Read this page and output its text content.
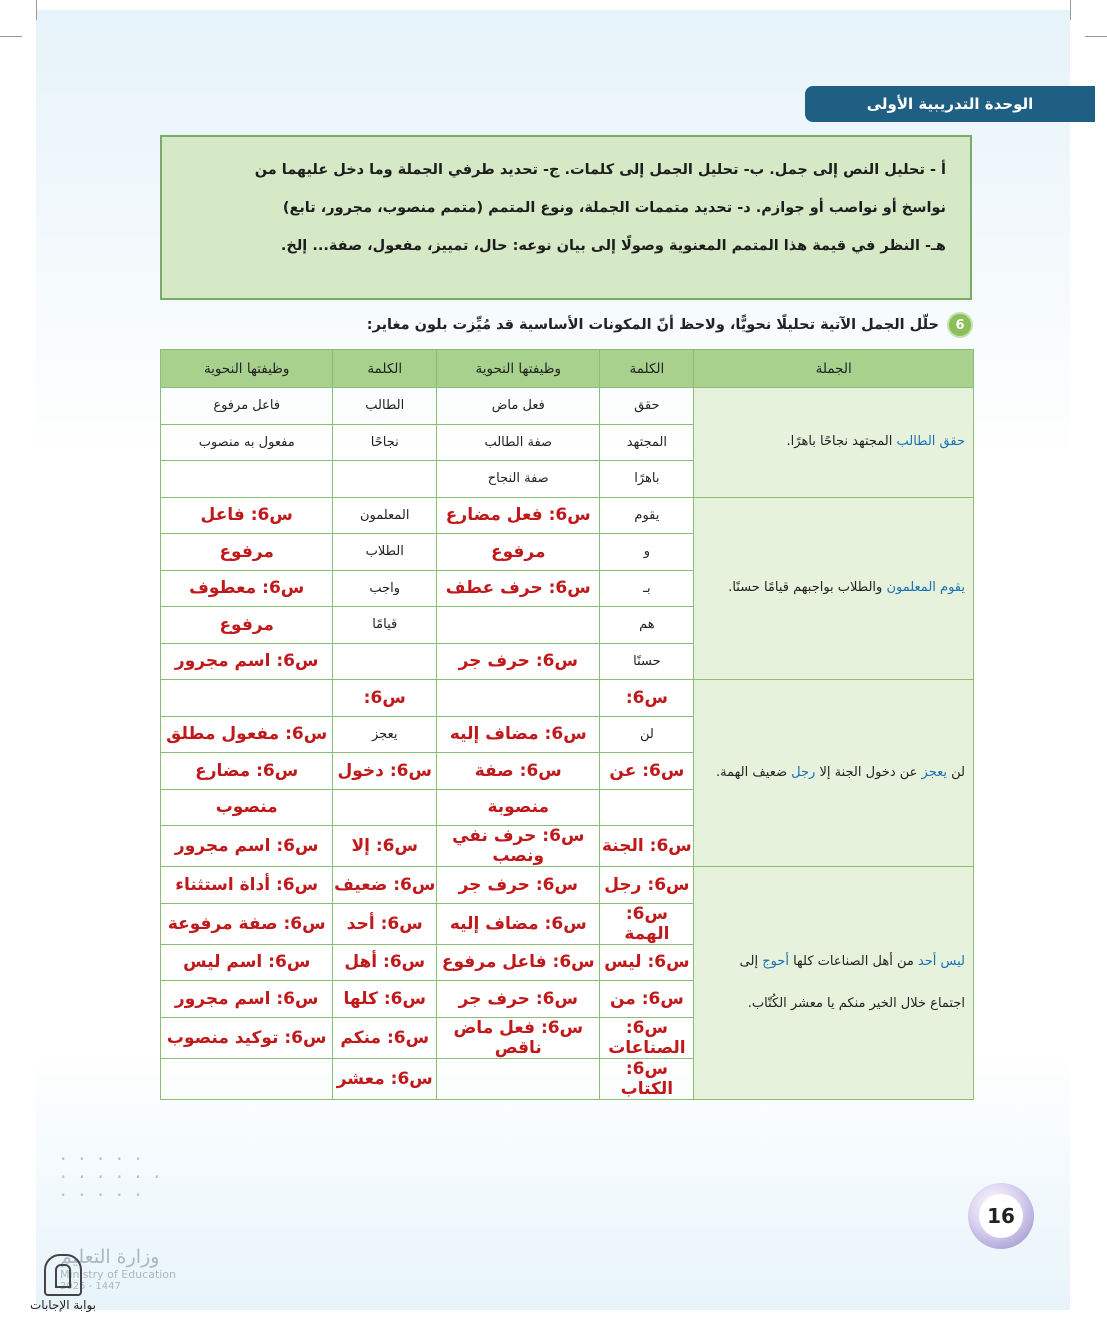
الوحدة التدريبية الأولى

أ - تحليل النص إلى جمل. ب- تحليل الجمل إلى كلمات. ج- تحديد طرفي الجملة وما دخل عليهما من

نواسخ أو نواصب أو جوازم. د- تحديد متممات الجملة، ونوع المتمم (متمم منصوب، مجرور، تابع)

هـ- النظر في قيمة هذا المتمم المعنوية وصولًا إلى بيان نوعه: حال، تمييز، مفعول، صفة... إلخ.

6
حلّل الجمل الآتية تحليلًا نحويًّا، ولاحظ أنّ المكونات الأساسية قد مُيِّزت بلون مغاير:
الجملة	الكلمة	وظيفتها النحوية	الكلمة	وظيفتها النحوية
حقق الطالب المجتهد نجاحًا باهرًا.	حقق	فعل ماض	الطالب	فاعل مرفوع
	المجتهد	صفة الطالب	نجاحًا	مفعول به منصوب
	باهرًا	صفة النجاح		
يقوم المعلمون والطلاب بواجبهم قيامًا حسنًا.	يقوم	س6: فعل مضارع	المعلمون	س6: فاعل
	و	مرفوع	الطلاب	مرفوع
	بـ	س6: حرف عطف	واجب	س6: معطوف
	هم		قيامًا	مرفوع
	حسنًا	س6: حرف جر		س6: اسم مجرور
لن يعجز عن دخول الجنة إلا رجل ضعيف الهمة.	س6:		س6:	
	لن	س6: مضاف إليه	يعجز	س6: مفعول مطلق
	س6: عن	س6: صفة	س6: دخول	س6: مضارع
		منصوبة		منصوب
	س6: الجنة	س6: حرف نفي ونصب	س6: إلا	س6: اسم مجرور
ليس أحد من أهل الصناعات كلها أحوج إلى اجتماع خلال الخير منكم يا معشر الكُتّاب.	س6: رجل	س6: حرف جر	س6: ضعيف	س6: أداة استثناء
	س6: الهمة	س6: مضاف إليه	س6: أحد	س6: صفة مرفوعة
	س6: ليس	س6: فاعل مرفوع	س6: أهل	س6: اسم ليس
	س6: من	س6: حرف جر	س6: كلها	س6: اسم مجرور
	س6: الصناعات	س6: فعل ماض ناقص	س6: منكم	س6: توكيد منصوب
	س6: الكتاب		س6: معشر	
16
· · · · ·
· · · · · ·
· · · · ·
وزارة التعليم
Ministry of Education
2025 - 1447
بوابة الإجابات
